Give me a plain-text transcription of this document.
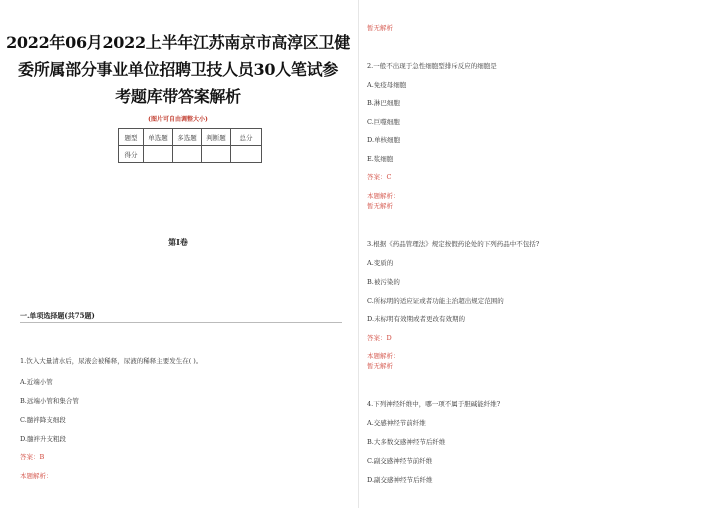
2022年06月2022上半年江苏南京市高淳区卫健
委所属部分事业单位招聘卫技人员30人笔试参
考题库带答案解析
(图片可自由调整大小)
题型	单选题	多选题	判断题	总分
得分				
第I卷
一.单项选择题(共75题)
1.饮入大量清水后，尿液会被稀释，尿液的稀释主要发生在( )。
A.近端小管
B.远端小管和集合管
C.髓袢降支细段
D.髓袢升支粗段
答案：B
本题解析：
暂无解析
2.一般不出现于急性细胞型排斥反应的细胞是
A.免疫母细胞
B.淋巴细胞
C.巨噬细胞
D.单核细胞
E.浆细胞
答案：C
本题解析：
暂无解析
3.根据《药品管理法》规定按假药论处的下列药品中不包括?
A.变质的
B.被污染的
C.所标明的适应证或者功能主治超出规定范围的
D.未标明有效期或者更改有效期的
答案：D
本题解析：
暂无解析
4.下列神经纤维中，哪一项不属于胆碱能纤维?
A.交感神经节前纤维
B.大多数交感神经节后纤维
C.副交感神经节前纤维
D.副交感神经节后纤维
